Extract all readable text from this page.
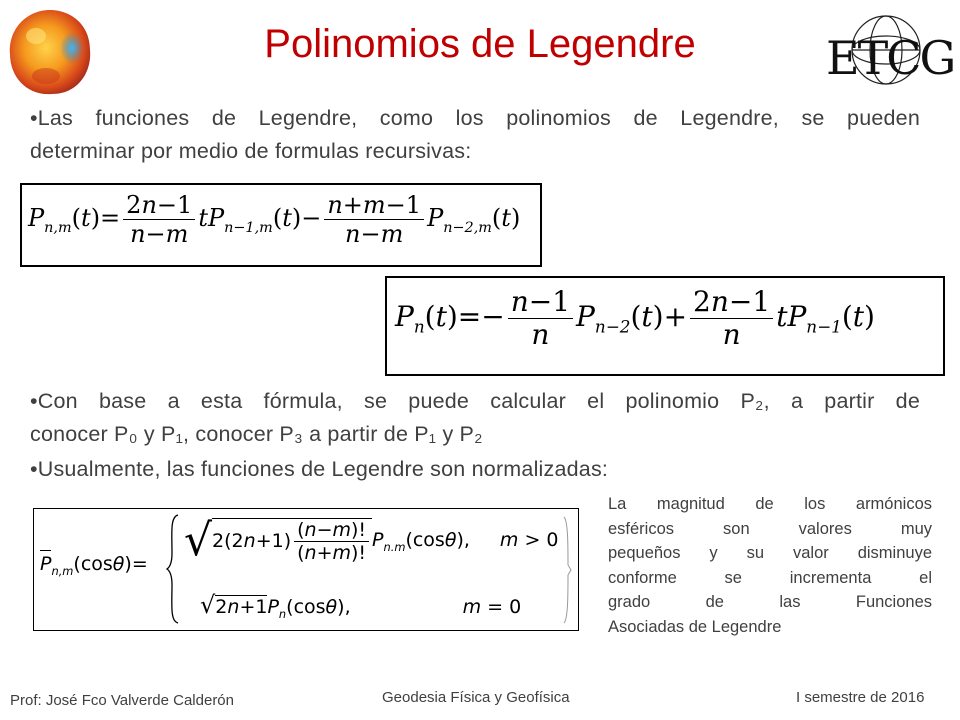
Polinomios de Legendre	ETCG
•Las funciones de Legendre, como los polinomios de Legendre, se pueden
determinar por medio de formulas recursivas:
$P_{n,m}(t)= \frac{2n-1}{n-m} tP_{n-1,m}(t)- \frac{n+m-1}{n-m} P_{n-2,m}(t)$
$P_n(t)=- \frac{n-1}{n} P_{n-2}(t)+ \frac{2n-1}{n} tP_{n-1}(t)$
•Con base a esta fórmula, se puede calcular el polinomio P₂, a partir de
conocer P₀ y P₁, conocer P₃ a partir de P₁ y P₂
•Usualmente, las funciones de Legendre son normalizadas:
$P_{n,m}(\cos\theta)= √2(2$ $n +1) \frac{(n-m)!}{(n+m)!} P_{n.m}(\cos\theta)$, m > 0
$√2n+1P_n(\cos\theta)$,	m = 0
La magnitud de los armónicos
esféricos son valores muy
pequeños y su valor disminuye
conforme se incrementa el
grado de las Funciones
Asociadas de Legendre
Prof: José Fco Valverde Calderón	Geodesia Física y Geofísica	I semestre de 2016
